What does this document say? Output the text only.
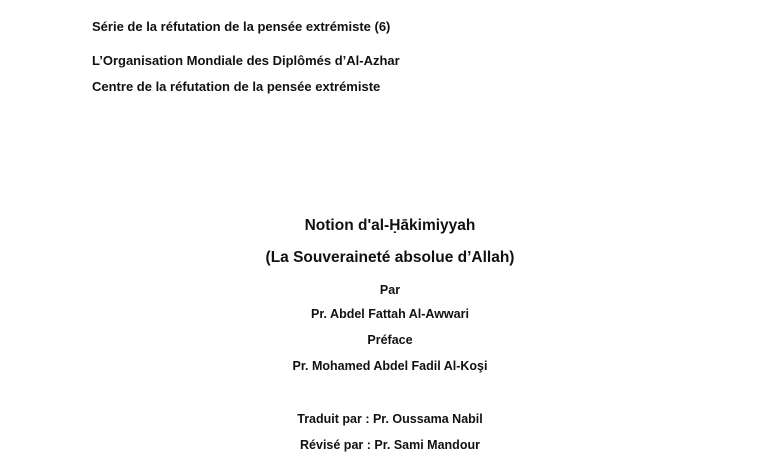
Série de la réfutation de la pensée extrémiste (6)
L’Organisation Mondiale des Diplômés d’Al-Azhar
Centre de la réfutation de la pensée extrémiste
Notion d'al-Ḥākimiyyah
(La Souveraineté absolue d’Allah)
Par
Pr. Abdel Fattah Al-Awwari
Préface
Pr. Mohamed Abdel Fadil Al-Koşi
Traduit par : Pr. Oussama Nabil
Révisé par : Pr. Sami Mandour
